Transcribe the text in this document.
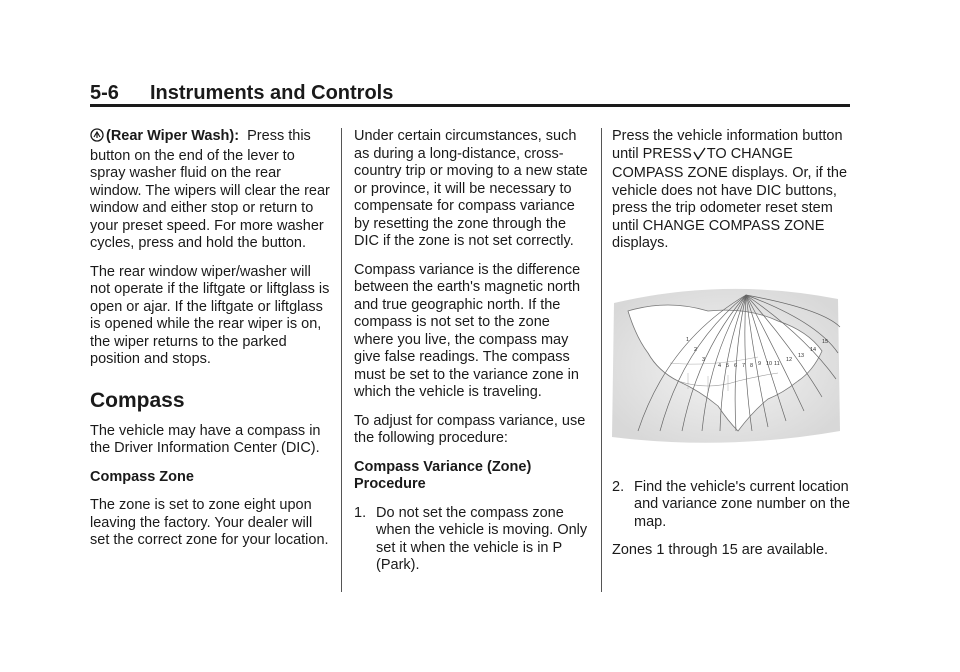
5-6	Instruments and Controls

(Rear Wiper Wash): Press this button on the end of the lever to spray washer fluid on the rear window. The wipers will clear the rear window and either stop or return to your preset speed. For more washer cycles, press and hold the button.

The rear window wiper/washer will not operate if the liftgate or liftglass is open or ajar. If the liftgate or liftglass is opened while the rear wiper is on, the wiper returns to the parked position and stops.

Compass

The vehicle may have a compass in the Driver Information Center (DIC).

Compass Zone

The zone is set to zone eight upon leaving the factory. Your dealer will set the correct zone for your location.

Under certain circumstances, such as during a long-distance, cross-country trip or moving to a new state or province, it will be necessary to compensate for compass variance by resetting the zone through the DIC if the zone is not set correctly.

Compass variance is the difference between the earth's magnetic north and true geographic north. If the compass is not set to the zone where you live, the compass may give false readings. The compass must be set to the variance zone in which the vehicle is traveling.

To adjust for compass variance, use the following procedure:

Compass Variance (Zone) Procedure

1. Do not set the compass zone when the vehicle is moving. Only set it when the vehicle is in P (Park).

Press the vehicle information button until PRESS TO CHANGE COMPASS ZONE displays. Or, if the vehicle does not have DIC buttons, press the trip odometer reset stem until CHANGE COMPASS ZONE displays.

1
2
3
4 5 6 7 8 9 10 11
12
13
14
15
2. Find the vehicle's current location and variance zone number on the map.

Zones 1 through 15 are available.
